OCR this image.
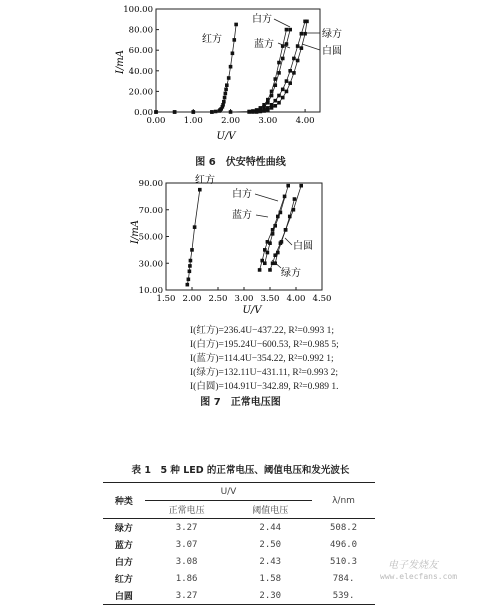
0.00 1.00 2.00 3.00 4.00
0.00
20.00
40.00
60.00
80.00
100.00
U/V
I/mA
红方
白方
蓝方
绿方
白圆
图 6　伏安特性曲线
1.50 2.00 2.50 3.00 3.50 4.00 4.50
10.00
30.00
50.00
70.00
90.00
U/V
I/mA
红方
白方
蓝方
白圆
绿方
I(红方)=236.4U−437.22, R²=0.993 1;
I(白方)=195.24U−600.53, R²=0.985 5;
I(蓝方)=114.4U−354.22, R²=0.992 1;
I(绿方)=132.11U−431.11, R²=0.993 2;
I(白圆)=104.91U−342.89, R²=0.989 1.
图 7　正常电压图
表 1　5 种 LED 的正常电压、阈值电压和发光波长
种类	U/V		λ/nm
	正常电压	阈值电压	
绿方	3.27	2.44	508.2
蓝方	3.07	2.50	496.0
白方	3.08	2.43	510.3
红方	1.86	1.58	784.
白圆	3.27	2.30	539.
电子发烧友
www.elecfans.com
